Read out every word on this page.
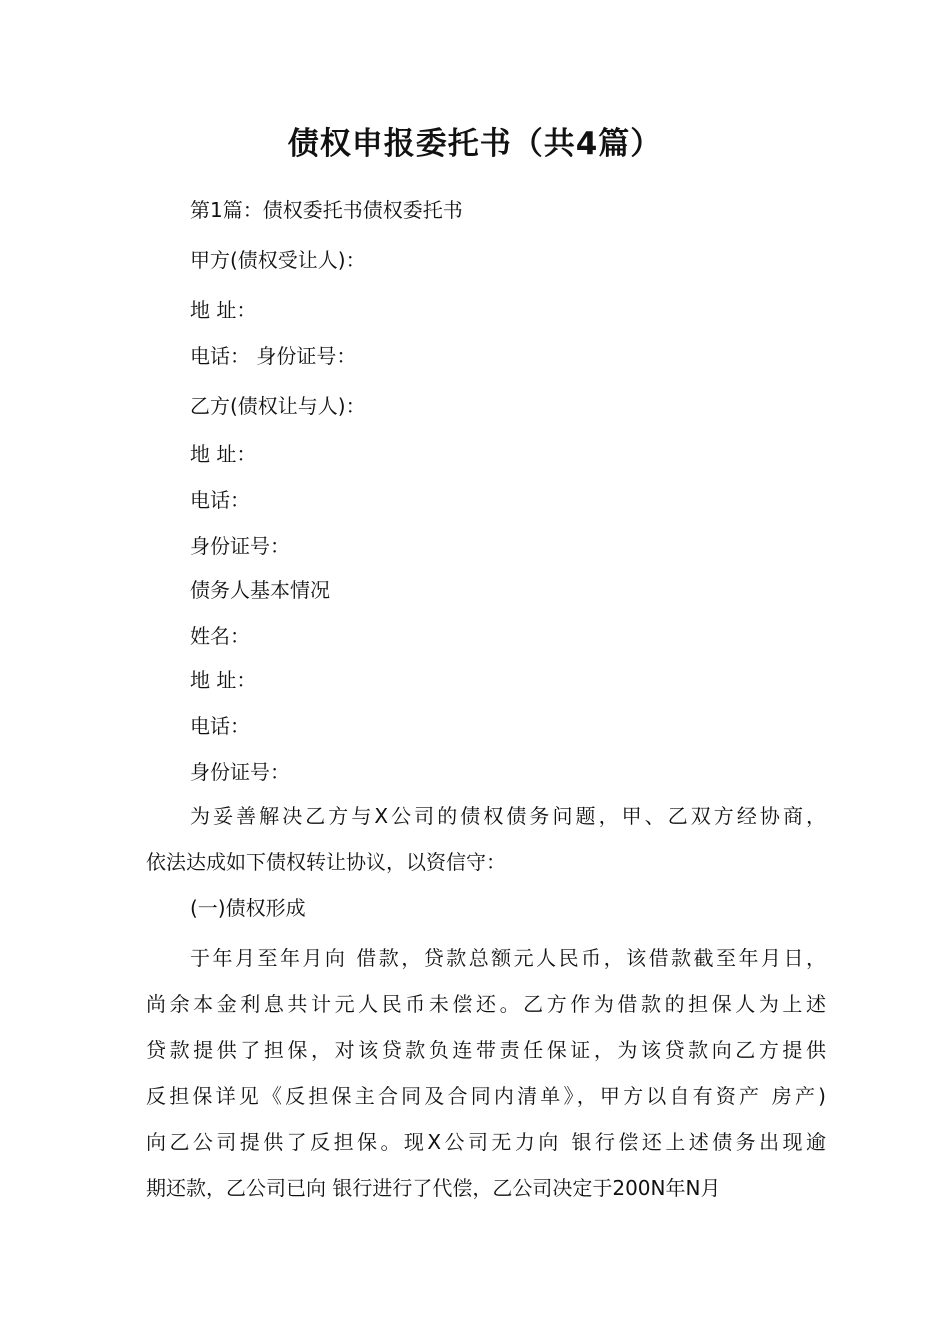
债权申报委托书（共4篇）

第1篇：债权委托书债权委托书

甲方(债权受让人)：

地 址：

电话： 身份证号：

乙方(债权让与人)：

地 址：

电话：

身份证号：

债务人基本情况

姓名：

地 址：

电话：

身份证号：

为妥善解决乙方与X公司的债权债务问题，甲、乙双方经协商，
依法达成如下债权转让协议，以资信守：

(一)债权形成

于年月至年月向 借款，贷款总额元人民币，该借款截至年月日，
尚余本金利息共计元人民币未偿还。乙方作为借款的担保人为上述
贷款提供了担保，对该贷款负连带责任保证，为该贷款向乙方提供
反担保详见《反担保主合同及合同内清单》，甲方以自有资产 房产)
向乙公司提供了反担保。现X公司无力向 银行偿还上述债务出现逾
期还款，乙公司已向 银行进行了代偿，乙公司决定于200N年N月
